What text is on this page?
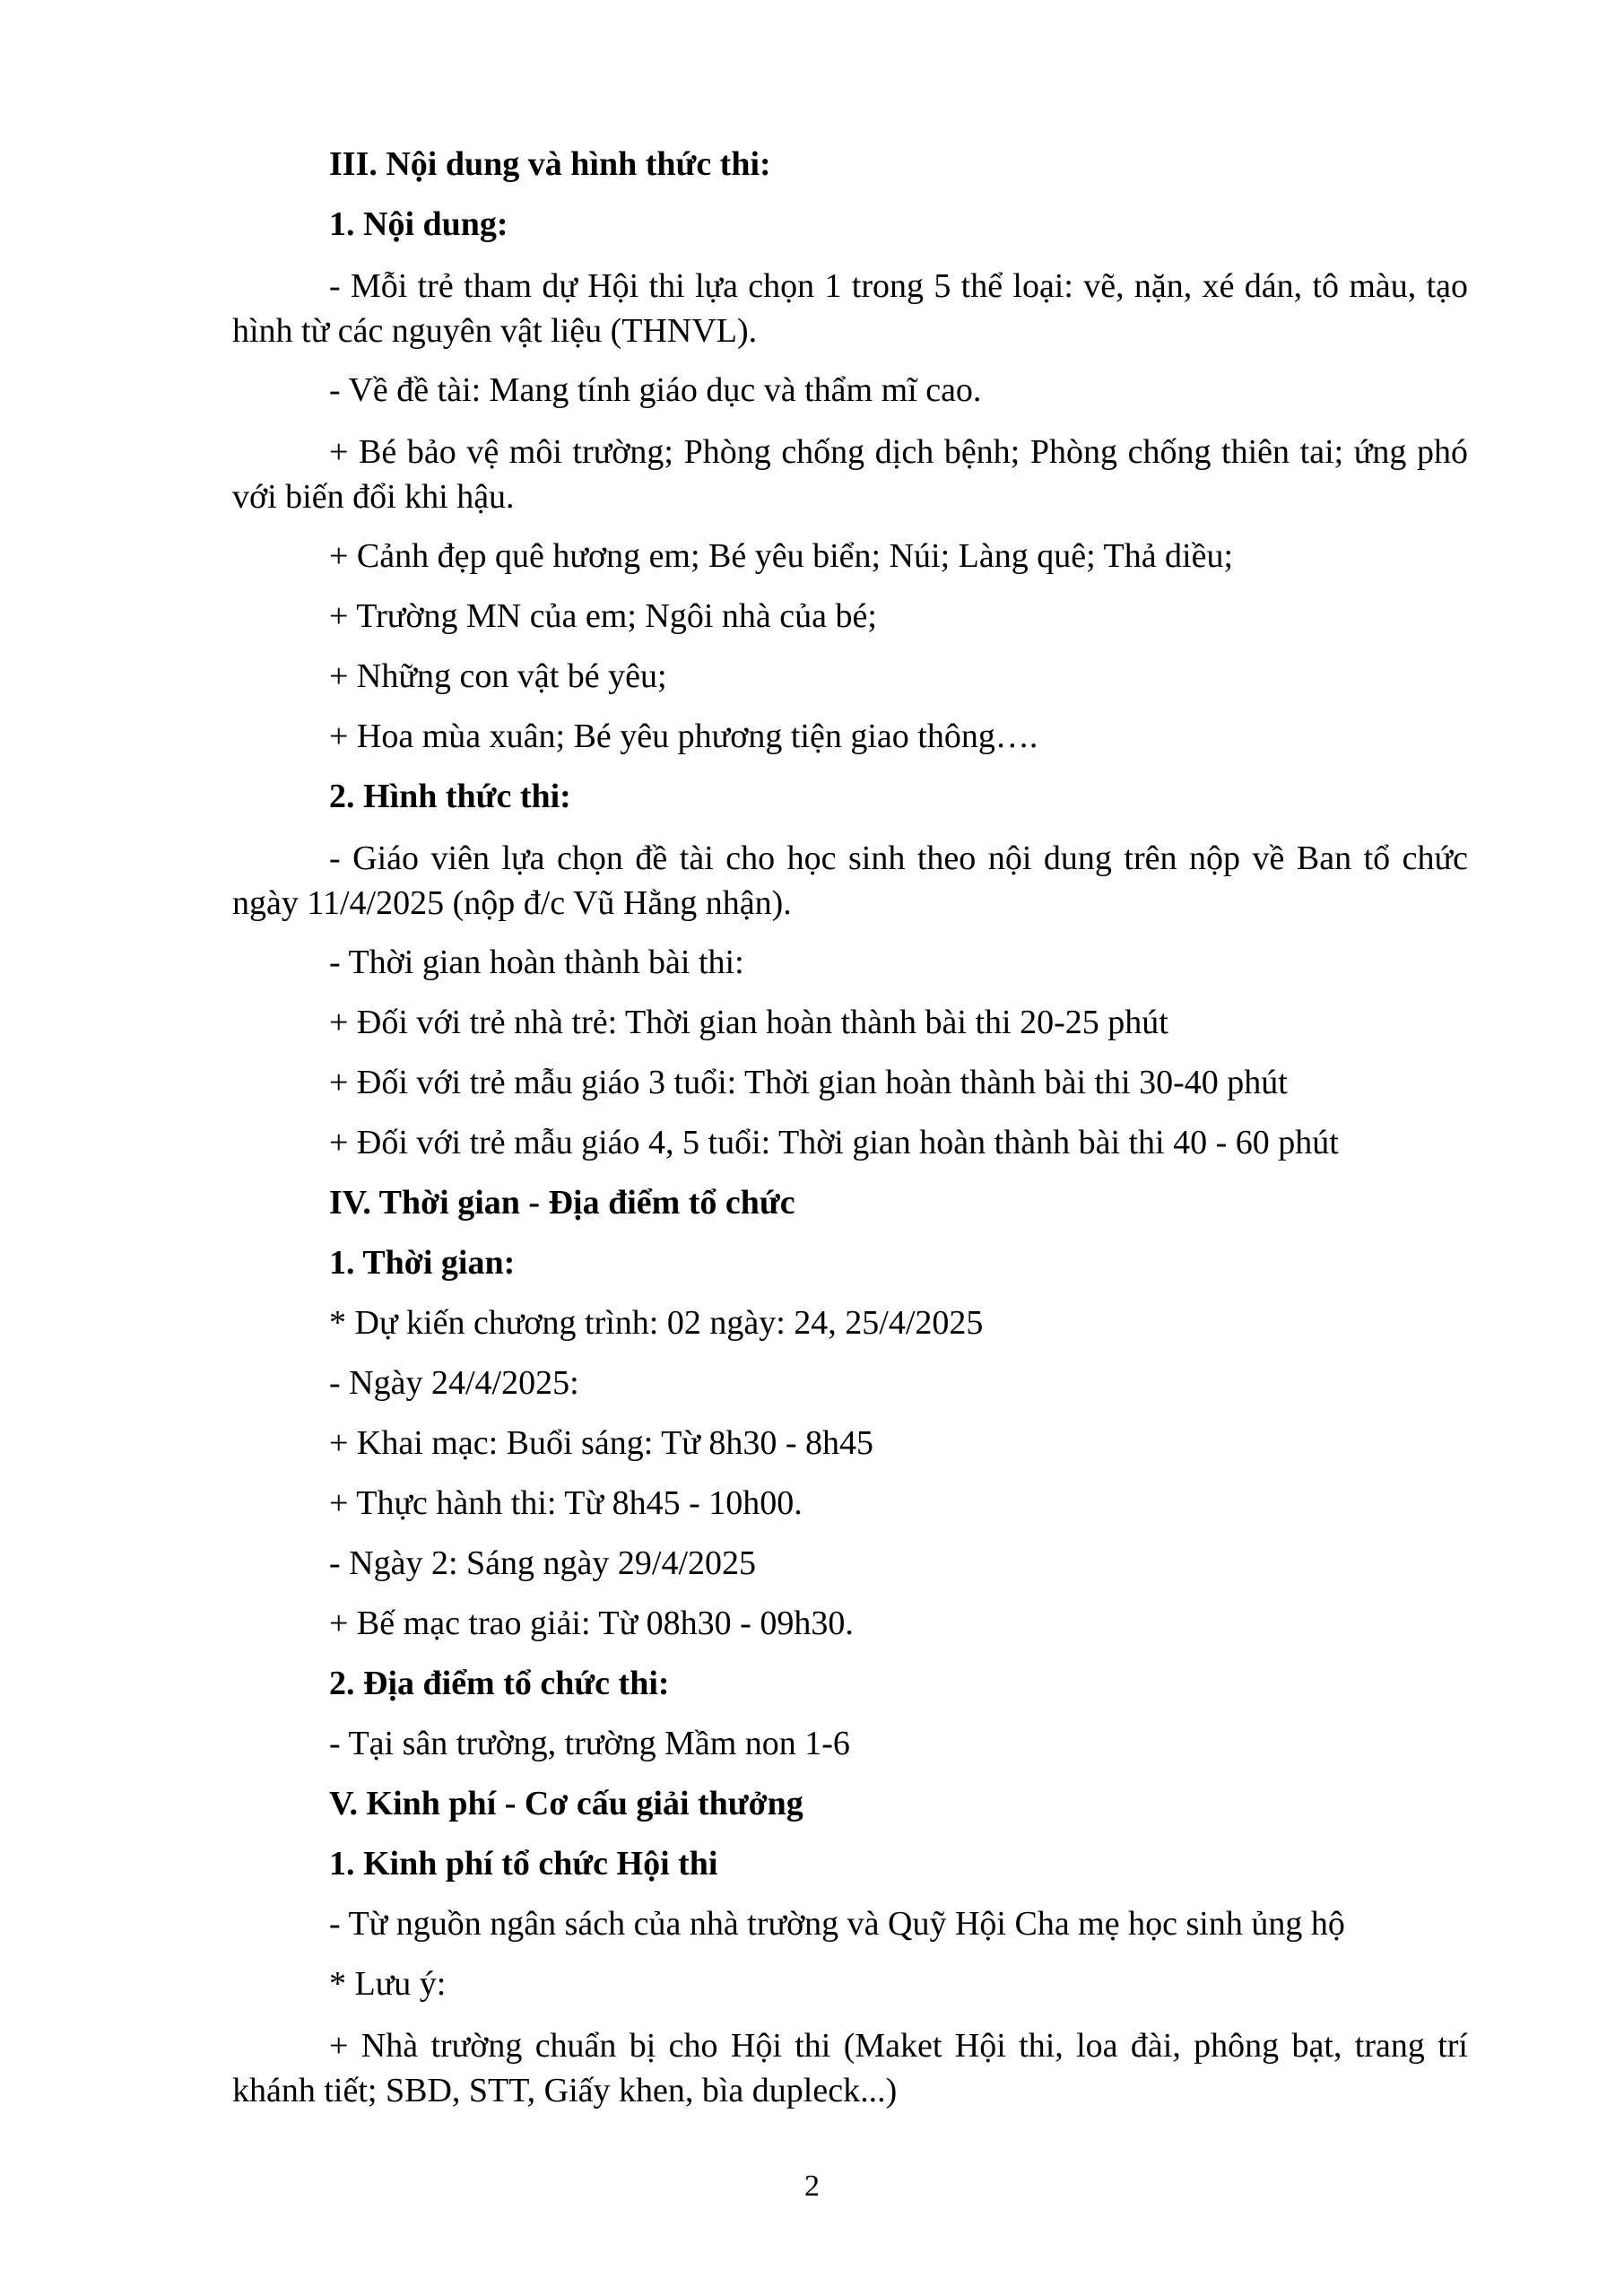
III. Nội dung và hình thức thi:
1. Nội dung:
- Mỗi trẻ tham dự Hội thi lựa chọn 1 trong 5 thể loại: vẽ, nặn, xé dán, tô màu, tạo hình từ các nguyên vật liệu (THNVL).
- Về đề tài: Mang tính giáo dục và thẩm mĩ cao.
+ Bé bảo vệ môi trường; Phòng chống dịch bệnh; Phòng chống thiên tai; ứng phó với biến đổi khi hậu.
+ Cảnh đẹp quê hương em; Bé yêu biển; Núi; Làng quê; Thả diều;
+ Trường MN của em; Ngôi nhà của bé;
+ Những con vật bé yêu;
+ Hoa mùa xuân; Bé yêu phương tiện giao thông….
2. Hình thức thi:
- Giáo viên lựa chọn đề tài cho học sinh theo nội dung trên nộp về Ban tổ chức ngày 11/4/2025 (nộp đ/c Vũ Hằng nhận).
- Thời gian hoàn thành bài thi:
+ Đối với trẻ nhà trẻ: Thời gian hoàn thành bài thi 20-25 phút
+ Đối với trẻ mẫu giáo 3 tuổi: Thời gian hoàn thành bài thi 30-40 phút
+ Đối với trẻ mẫu giáo 4, 5 tuổi: Thời gian hoàn thành bài thi 40 - 60 phút
IV. Thời gian - Địa điểm tổ chức
1. Thời gian:
* Dự kiến chương trình: 02 ngày: 24, 25/4/2025
- Ngày 24/4/2025:
+ Khai mạc: Buổi sáng: Từ 8h30 - 8h45
+ Thực hành thi: Từ 8h45 - 10h00.
- Ngày 2: Sáng ngày 29/4/2025
+ Bế mạc trao giải: Từ 08h30 - 09h30.
2. Địa điểm tổ chức thi:
- Tại sân trường, trường Mầm non 1-6
V. Kinh phí - Cơ cấu giải thưởng
1. Kinh phí tổ chức Hội thi
- Từ nguồn ngân sách của nhà trường và Quỹ Hội Cha mẹ học sinh ủng hộ
* Lưu ý:
+ Nhà trường chuẩn bị cho Hội thi (Maket Hội thi, loa đài, phông bạt, trang trí khánh tiết; SBD, STT, Giấy khen, bìa dupleck...)
2
